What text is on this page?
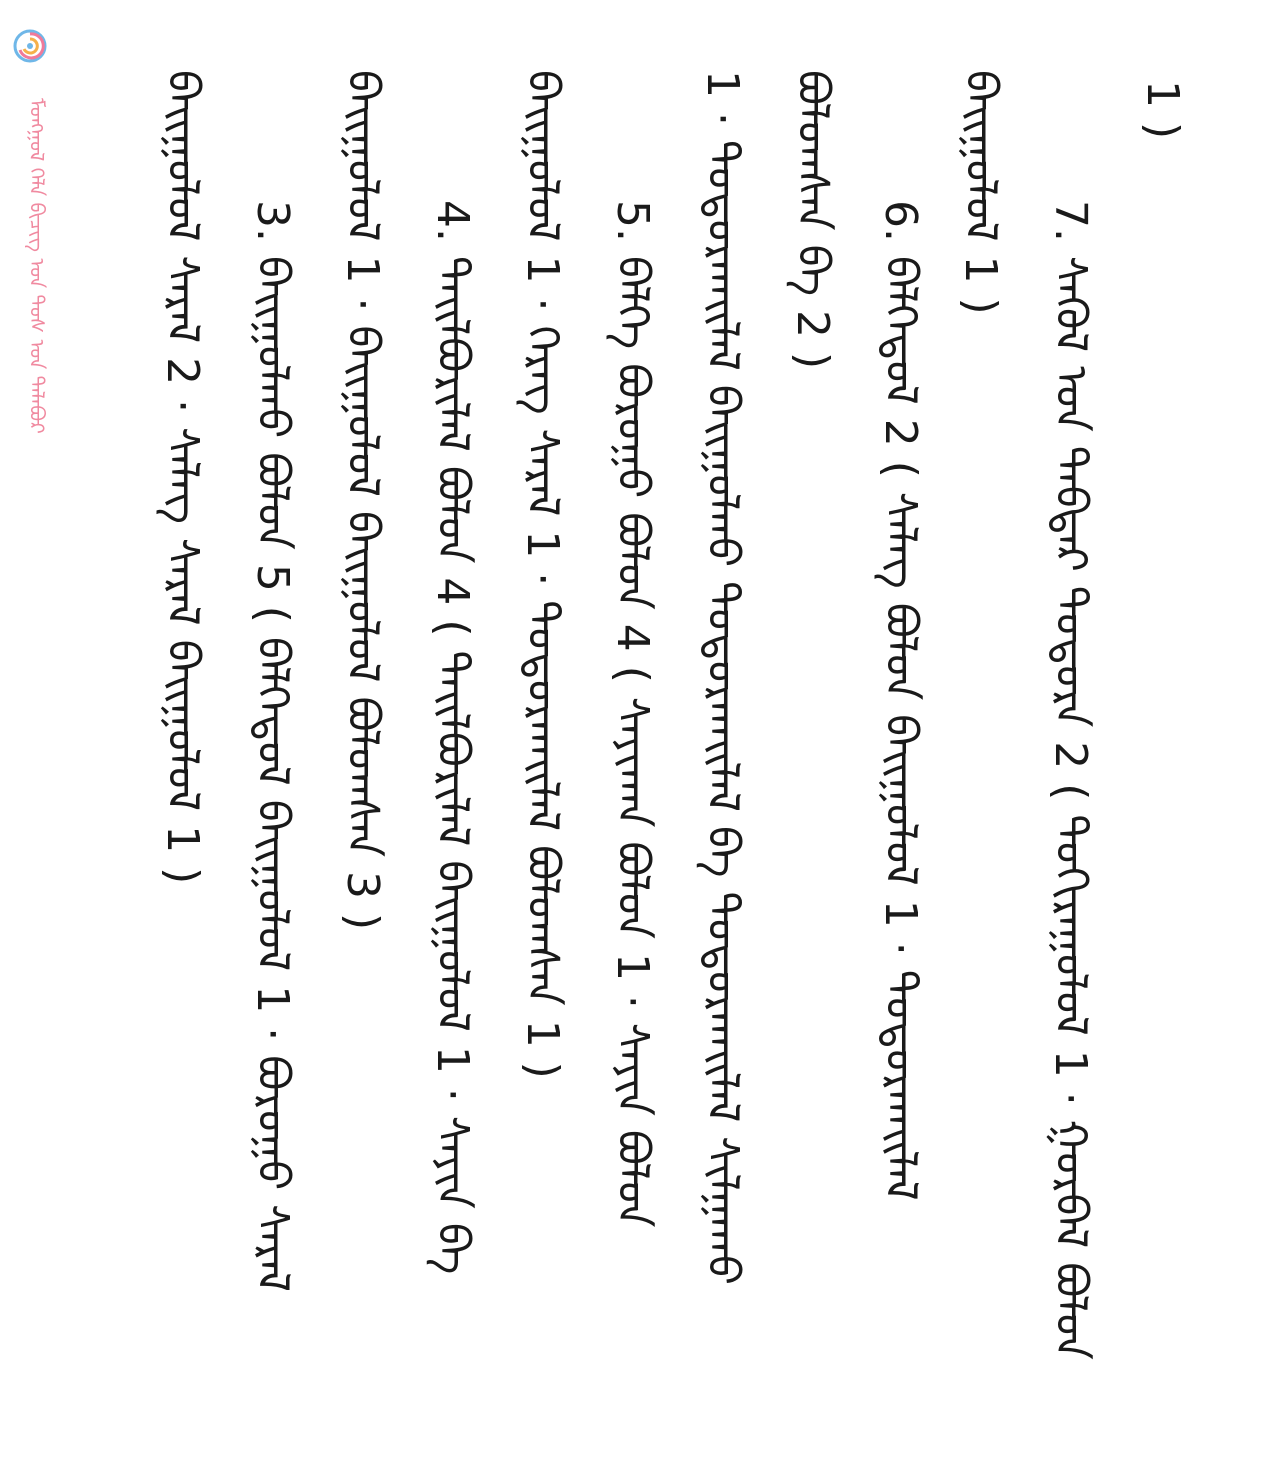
ᠮᠣᠩᠭᠣᠯ ᠬᠡᠯᠡ ᠪᠢᠴᠢᠭ ᠤᠨ ᠲᠤᠰ ᠤᠨ ᠲᠠᠯᠠᠪᠤᠷ	1 )
7. ᠰᠡᠭᠦᠯ ᠤᠨ ᠳᠡᠪᠲᠡᠷ ᠳᠣᠲᠣᠷᠠ 2 ( ᠲᠤᠬᠢᠷᠠᠭᠤᠯᠤᠯ 1 · ᠭᠤᠷᠪᠠᠯ ᠪᠣᠯᠤᠨ
ᠪᠠᠢᠭᠤᠯᠤᠯ 1 )
6. ᠪᠡᠯᠭᠡᠳᠦᠯ 2 ( ᠰᠡᠯᠡᠭ ᠪᠣᠯᠤᠨ ᠪᠠᠢᠭᠤᠯᠤᠯ 1 · ᠲᠣᠳᠣᠷᠬᠠᠢᠯᠠᠯ
ᠪᠣᠯᠤᠭᠰᠠᠨ ᠪᠠ 2 )
1 · ᠲᠣᠳᠣᠷᠬᠠᠢᠯᠠᠯ ᠪᠠᠢᠭᠤᠯᠬᠤ ᠲᠣᠳᠣᠷᠬᠠᠢᠯᠠᠯ ᠪᠠ ᠲᠣᠳᠣᠷᠬᠠᠢᠯᠠᠯ ᠰᠢᠯᠭᠠᠬᠤ
5. ᠪᠡᠯᠭᠡ ᠪᠤᠷᠤᠭᠤ ᠪᠣᠯᠤᠨ 4 ( ᠰᠠᠶᠢᠬᠠᠨ ᠪᠣᠯᠤᠨ 1 · ᠰᠠᠶᠢᠨ ᠪᠣᠯᠤᠨ
ᠪᠠᠢᠭᠤᠯᠤᠯ 1 · ᠬᠡᠷᠡᠭ ᠰᠡᠷᠡᠯ 1 · ᠲᠣᠳᠣᠷᠬᠠᠢᠯᠠᠯ ᠪᠣᠯᠤᠭᠰᠠᠨ 1 )
4. ᠲᠠᠢᠯᠪᠤᠷᠢᠯᠠᠯ ᠪᠣᠯᠤᠨ 4 ( ᠲᠠᠢᠯᠪᠤᠷᠢᠯᠠᠯ ᠪᠠᠢᠭᠤᠯᠤᠯ 1 · ᠰᠠᠶᠢᠨ ᠪᠠ
ᠪᠠᠢᠭᠤᠯᠤᠯ 1 · ᠪᠠᠢᠭᠤᠯᠤᠯ ᠪᠠᠢᠭᠤᠯᠤᠯ ᠪᠣᠯᠤᠭᠰᠠᠨ 3 )
3. ᠪᠠᠢᠭᠤᠯᠬᠤ ᠪᠣᠯᠤᠨ 5 ( ᠪᠡᠯᠭᠡᠳᠦᠯ ᠪᠠᠢᠭᠤᠯᠤᠯ 1 · ᠪᠤᠷᠤᠭᠤ ᠰᠡᠷᠡᠯ
ᠪᠠᠢᠭᠤᠯᠤᠯ ᠰᠡᠷᠡᠯ 2 · ᠰᠡᠯᠡᠭ ᠰᠡᠷᠡᠯ ᠪᠠᠢᠭᠤᠯᠤᠯ 1 )
